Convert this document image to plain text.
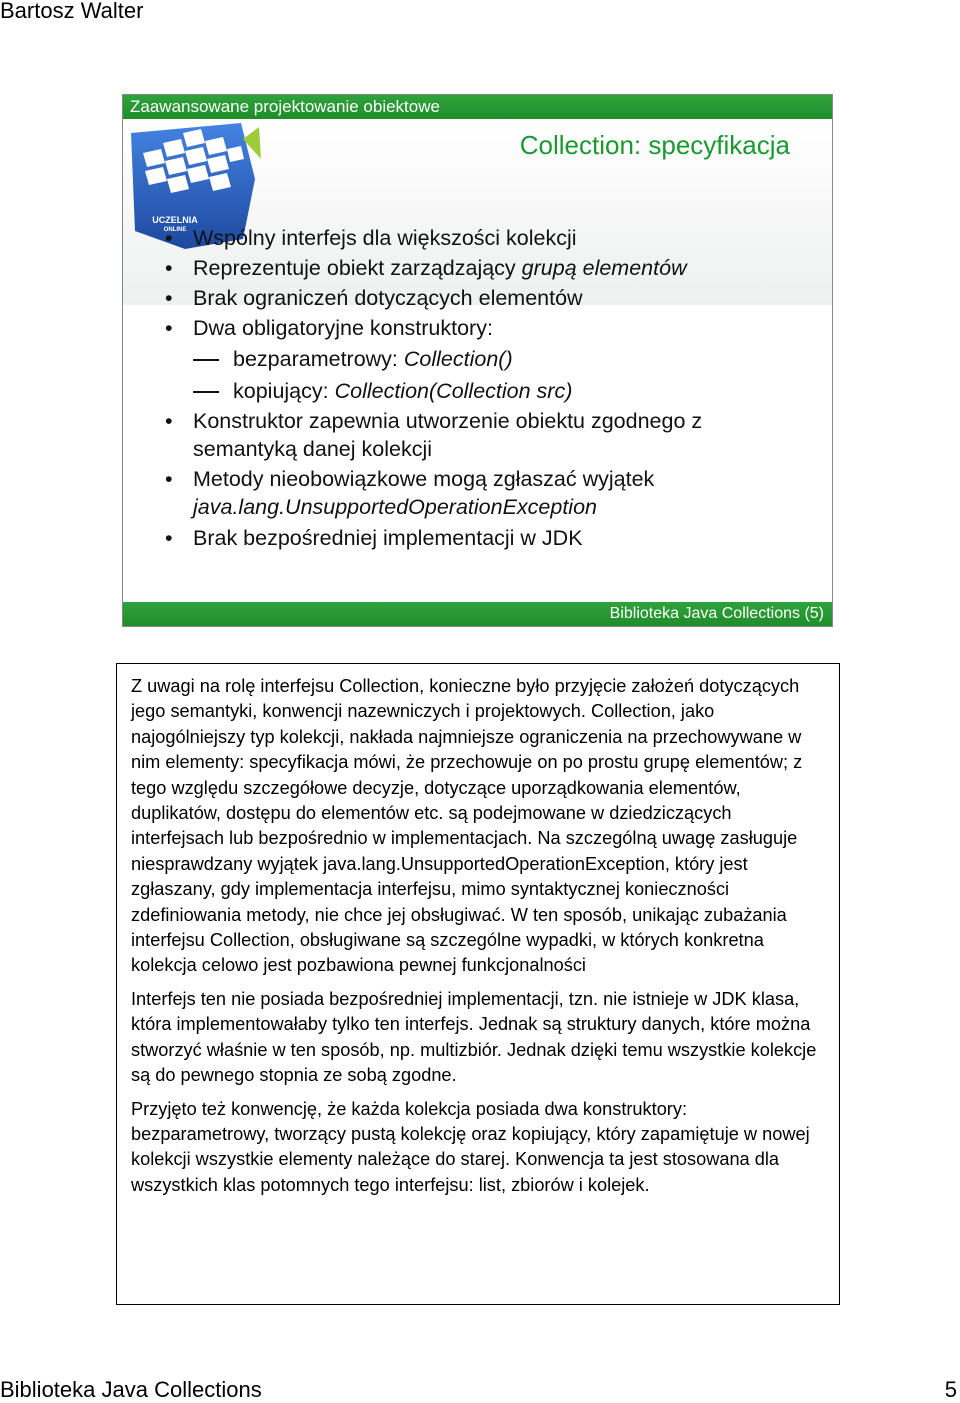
Bartosz Walter
Zaawansowane projektowanie obiektowe
UCZELNIA
ONLINE
Collection: specyfikacja
• Wspólny interfejs dla większości kolekcji
• Reprezentuje obiekt zarządzający grupą elementów
• Brak ograniczeń dotyczących elementów
• Dwa obligatoryjne konstruktory:
bezparametrowy: Collection()
kopiujący: Collection(Collection src)
• Konstruktor zapewnia utworzenie obiektu zgodnego z semantyką danej kolekcji
• Metody nieobowiązkowe mogą zgłaszać wyjątek java.lang.UnsupportedOperationException
• Brak bezpośredniej implementacji w JDK
Biblioteka Java Collections (5)

Z uwagi na rolę interfejsu Collection, konieczne było przyjęcie założeń dotyczących jego semantyki, konwencji nazewniczych i projektowych. Collection, jako najogólniejszy typ kolekcji, nakłada najmniejsze ograniczenia na przechowywane w nim elementy: specyfikacja mówi, że przechowuje on po prostu grupę elementów; z tego względu szczegółowe decyzje, dotyczące uporządkowania elementów, duplikatów, dostępu do elementów etc. są podejmowane w dziedziczących interfejsach lub bezpośrednio w implementacjach. Na szczególną uwagę zasługuje niesprawdzany wyjątek java.lang.UnsupportedOperationException, który jest zgłaszany, gdy implementacja interfejsu, mimo syntaktycznej konieczności zdefiniowania metody, nie chce jej obsługiwać. W ten sposób, unikając zubażania interfejsu Collection, obsługiwane są szczególne wypadki, w których konkretna kolekcja celowo jest pozbawiona pewnej funkcjonalności

Interfejs ten nie posiada bezpośredniej implementacji, tzn. nie istnieje w JDK klasa, która implementowałaby tylko ten interfejs. Jednak są struktury danych, które można stworzyć właśnie w ten sposób, np. multizbiór. Jednak dzięki temu wszystkie kolekcje są do pewnego stopnia ze sobą zgodne.

Przyjęto też konwencję, że każda kolekcja posiada dwa konstruktory: bezparametrowy, tworzący pustą kolekcję oraz kopiujący, który zapamiętuje w nowej kolekcji wszystkie elementy należące do starej. Konwencja ta jest stosowana dla wszystkich klas potomnych tego interfejsu: list, zbiorów i kolejek.

Biblioteka Java Collections	5
